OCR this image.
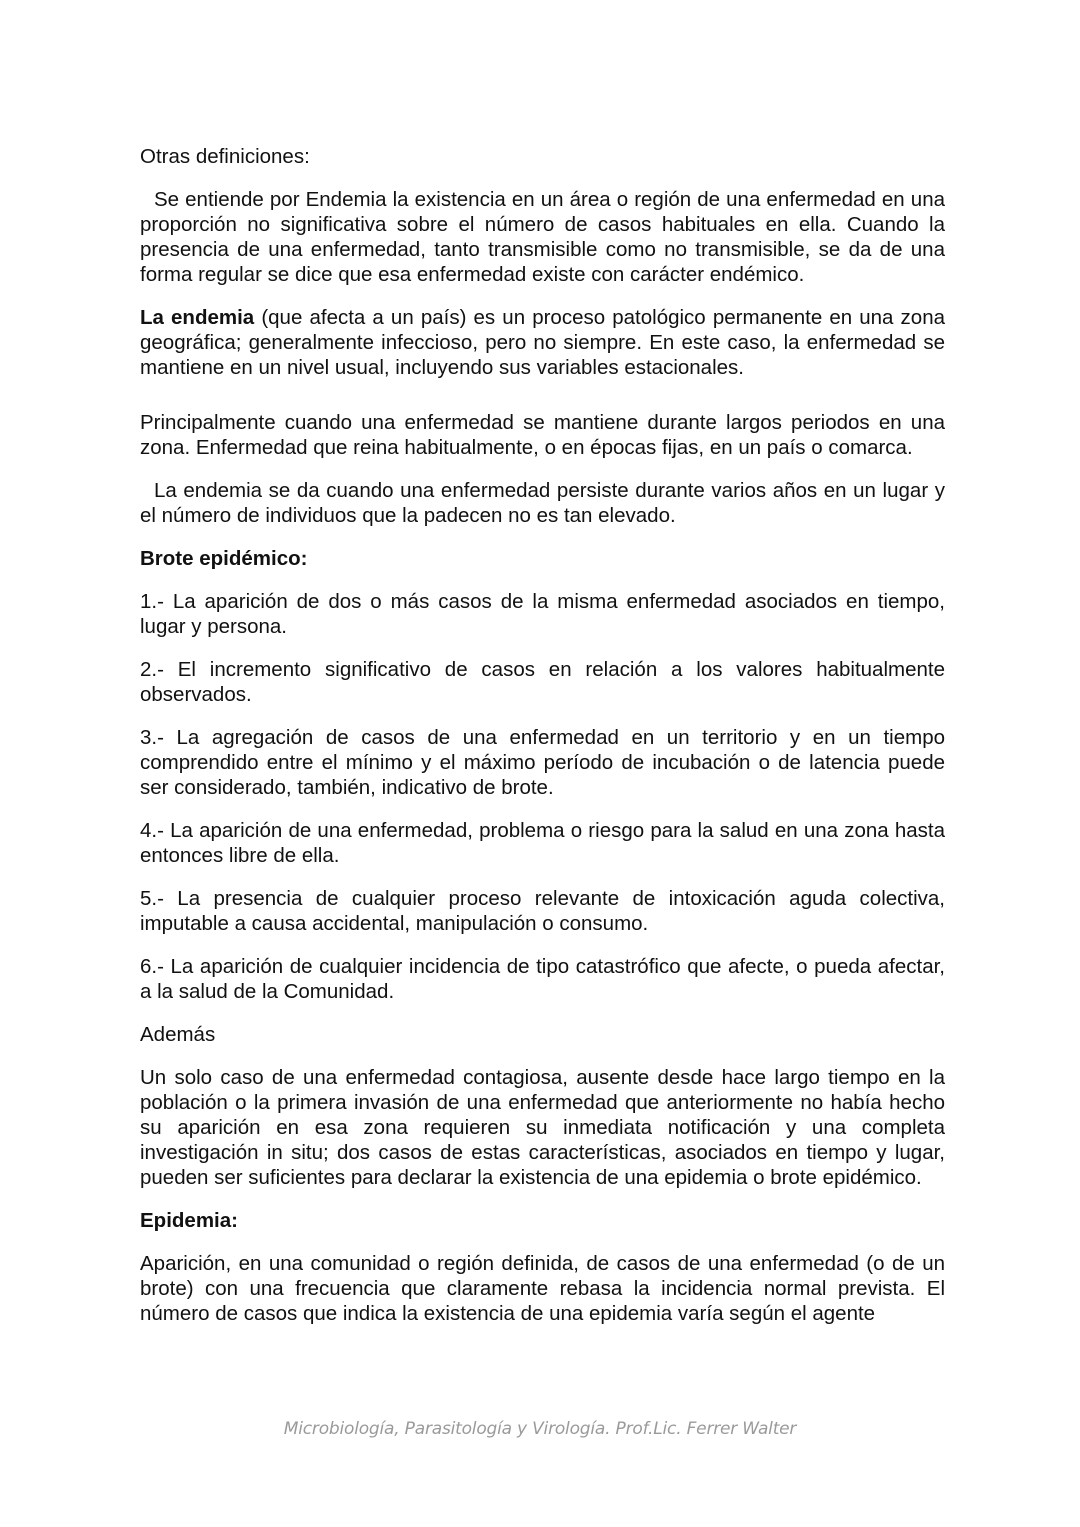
Otras definiciones:

Se entiende por Endemia la existencia en un área o región de una enfermedad en una proporción no significativa sobre el número de casos habituales en ella. Cuando la presencia de una enfermedad, tanto transmisible como no transmisible, se da de una forma regular se dice que esa enfermedad existe con carácter endémico.

La endemia (que afecta a un país) es un proceso patológico permanente en una zona geográfica; generalmente infeccioso, pero no siempre. En este caso, la enfermedad se mantiene en un nivel usual, incluyendo sus variables estacionales.

Principalmente cuando una enfermedad se mantiene durante largos periodos en una zona. Enfermedad que reina habitualmente, o en épocas fijas, en un país o comarca.

La endemia se da cuando una enfermedad persiste durante varios años en un lugar y el número de individuos que la padecen no es tan elevado.

Brote epidémico:

1.- La aparición de dos o más casos de la misma enfermedad asociados en tiempo, lugar y persona.

2.- El incremento significativo de casos en relación a los valores habitualmente observados.

3.- La agregación de casos de una enfermedad en un territorio y en un tiempo comprendido entre el mínimo y el máximo período de incubación o de latencia puede ser considerado, también, indicativo de brote.

4.- La aparición de una enfermedad, problema o riesgo para la salud en una zona hasta entonces libre de ella.

5.- La presencia de cualquier proceso relevante de intoxicación aguda colectiva, imputable a causa accidental, manipulación o consumo.

6.- La aparición de cualquier incidencia de tipo catastrófico que afecte, o pueda afectar, a la salud de la Comunidad.

Además

Un solo caso de una enfermedad contagiosa, ausente desde hace largo tiempo en la población o la primera invasión de una enfermedad que anteriormente no había hecho su aparición en esa zona requieren su inmediata notificación y una completa investigación in situ; dos casos de estas características, asociados en tiempo y lugar, pueden ser suficientes para declarar la existencia de una epidemia o brote epidémico.

Epidemia:

Aparición, en una comunidad o región definida, de casos de una enfermedad (o de un brote) con una frecuencia que claramente rebasa la incidencia normal prevista. El número de casos que indica la existencia de una epidemia varía según el agente

Microbiología, Parasitología y Virología. Prof.Lic. Ferrer Walter
